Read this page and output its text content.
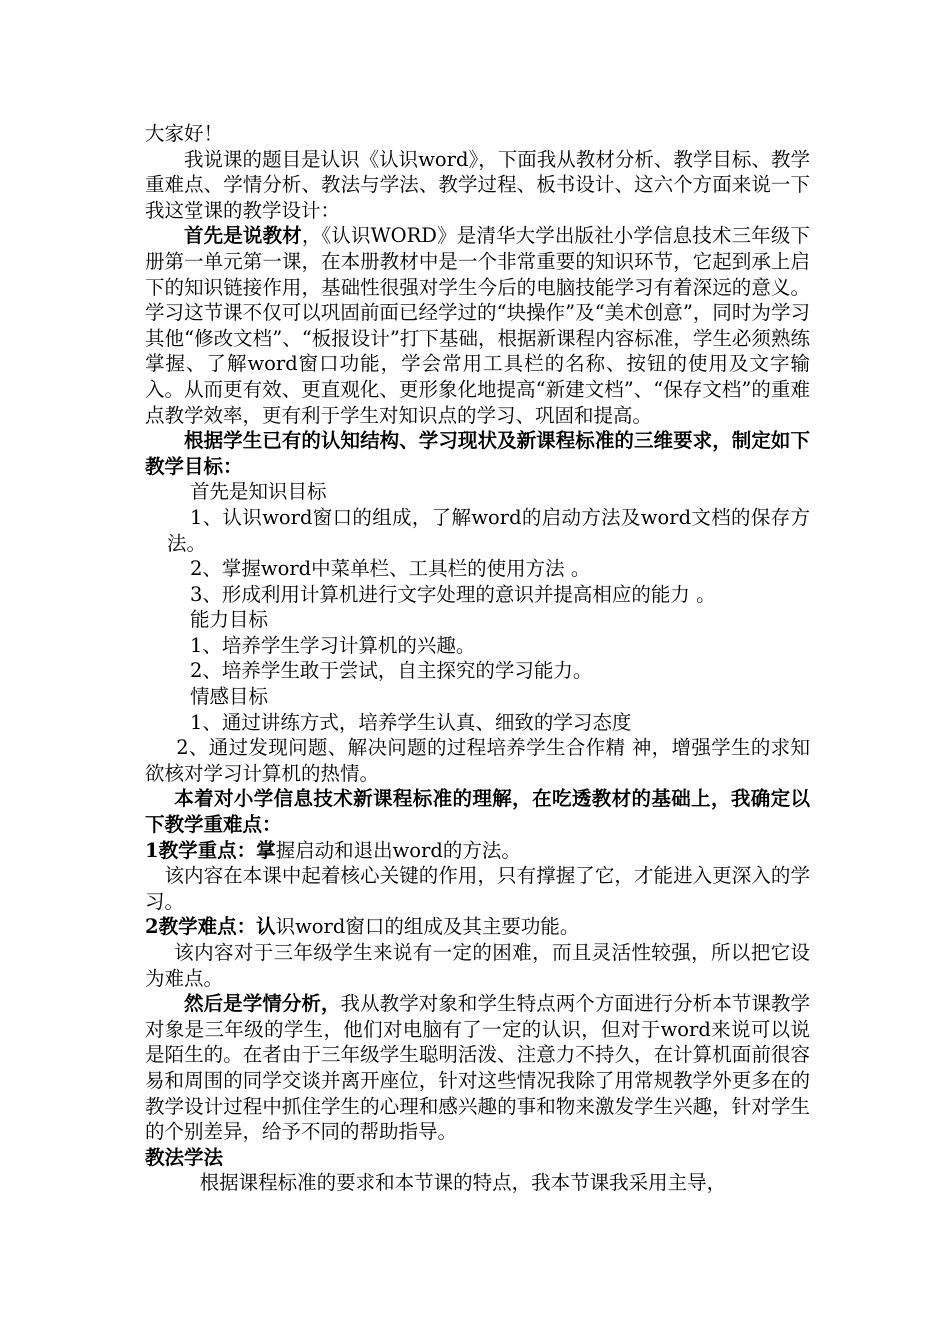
大家好！

我说课的题目是认识《认识word》，下面我从教材分析、教学目标、教学重难点、学情分析、教法与学法、教学过程、板书设计、这六个方面来说一下我这堂课的教学设计：

首先是说教材，《认识WORD》是清华大学出版社小学信息技术三年级下册第一单元第一课，在本册教材中是一个非常重要的知识环节，它起到承上启下的知识链接作用，基础性很强对学生今后的电脑技能学习有着深远的意义。学习这节课不仅可以巩固前面已经学过的“块操作”及“美术创意”，同时为学习其他“修改文档”、“板报设计”打下基础，根据新课程内容标准，学生必须熟练掌握、了解word窗口功能，学会常用工具栏的名称、按钮的使用及文字输入。从而更有效、更直观化、更形象化地提高“新建文档”、“保存文档”的重难点教学效率，更有利于学生对知识点的学习、巩固和提高。

根据学生已有的认知结构、学习现状及新课程标准的三维要求，制定如下教学目标：

首先是知识目标

1、认识word窗口的组成，了解word的启动方法及word文档的保存方法。

2、掌握word中菜单栏、工具栏的使用方法 。

3、形成利用计算机进行文字处理的意识并提高相应的能力 。

能力目标

1、培养学生学习计算机的兴趣。

2、培养学生敢于尝试，自主探究的学习能力。

情感目标

1、通过讲练方式，培养学生认真、细致的学习态度

2、通过发现问题、解决问题的过程培养学生合作精 神，增强学生的求知欲核对学习计算机的热情。

本着对小学信息技术新课程标准的理解，在吃透教材的基础上，我确定以下教学重难点：

1教学重点：掌握启动和退出word的方法。

该内容在本课中起着核心关键的作用，只有撑握了它，才能进入更深入的学习。

2教学难点：认识word窗口的组成及其主要功能。

该内容对于三年级学生来说有一定的困难，而且灵活性较强，所以把它设为难点。

然后是学情分析，我从教学对象和学生特点两个方面进行分析本节课教学对象是三年级的学生，他们对电脑有了一定的认识，但对于word来说可以说是陌生的。在者由于三年级学生聪明活泼、注意力不持久，在计算机面前很容易和周围的同学交谈并离开座位，针对这些情况我除了用常规教学外更多在的教学设计过程中抓住学生的心理和感兴趣的事和物来激发学生兴趣，针对学生的个别差异，给予不同的帮助指导。

教法学法

根据课程标准的要求和本节课的特点，我本节课我采用主导，
